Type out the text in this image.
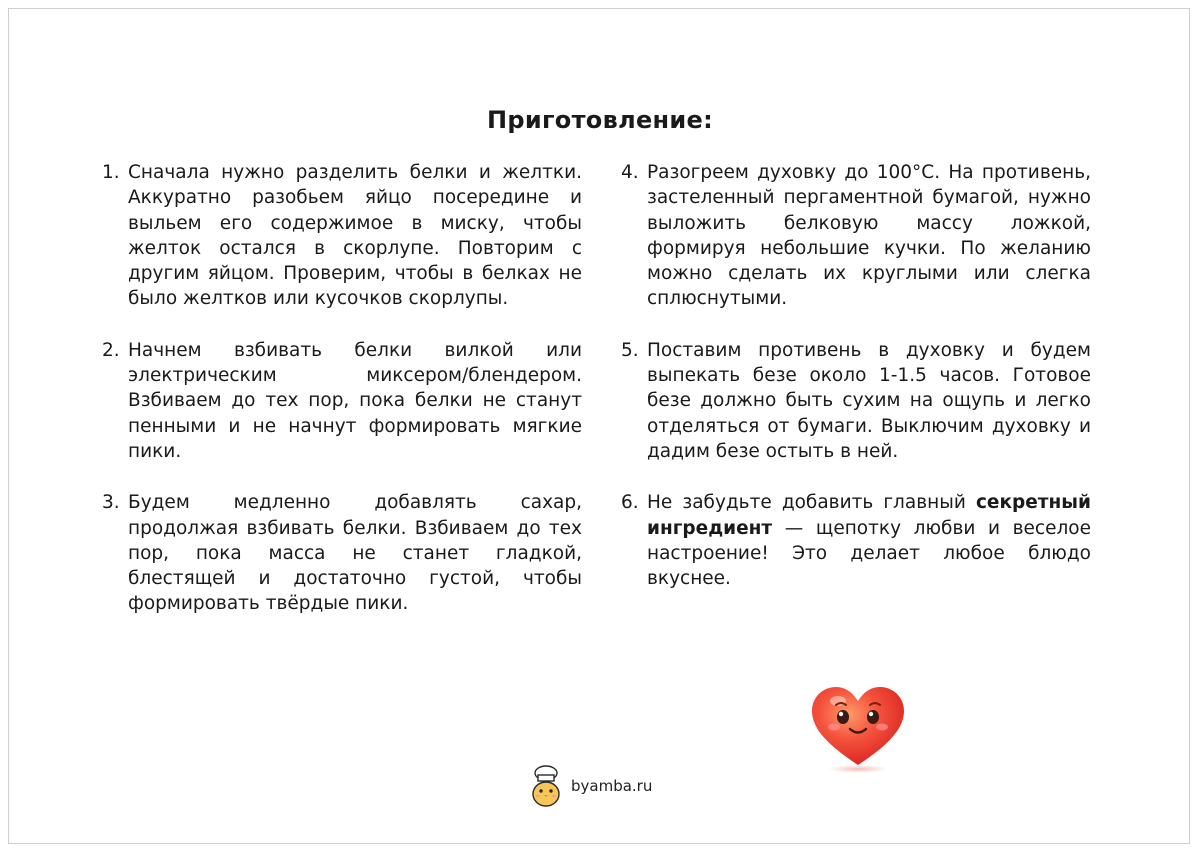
Приготовление:
1. Сначала нужно разделить белки и желтки. Аккуратно разобьем яйцо посередине и выльем его содержимое в миску, чтобы желток остался в скорлупе. Повторим с другим яйцом. Проверим, чтобы в белках не было желтков или кусочков скорлупы.
2. Начнем взбивать белки вилкой или электрическим миксером/блендером. Взбиваем до тех пор, пока белки не станут пенными и не начнут формировать мягкие пики.
3. Будем медленно добавлять сахар, продолжая взбивать белки. Взбиваем до тех пор, пока масса не станет гладкой, блестящей и достаточно густой, чтобы формировать твёрдые пики.
4. Разогреем духовку до 100°C. На противень, застеленный пергаментной бумагой, нужно выложить белковую массу ложкой, формируя небольшие кучки. По желанию можно сделать их круглыми или слегка сплюснутыми.
5. Поставим противень в духовку и будем выпекать безе около 1-1.5 часов. Готовое безе должно быть сухим на ощупь и легко отделяться от бумаги. Выключим духовку и дадим безе остыть в ней.
6. Не забудьте добавить главный секретный ингредиент — щепотку любви и веселое настроение! Это делает любое блюдо вкуснее.
byamba.ru
